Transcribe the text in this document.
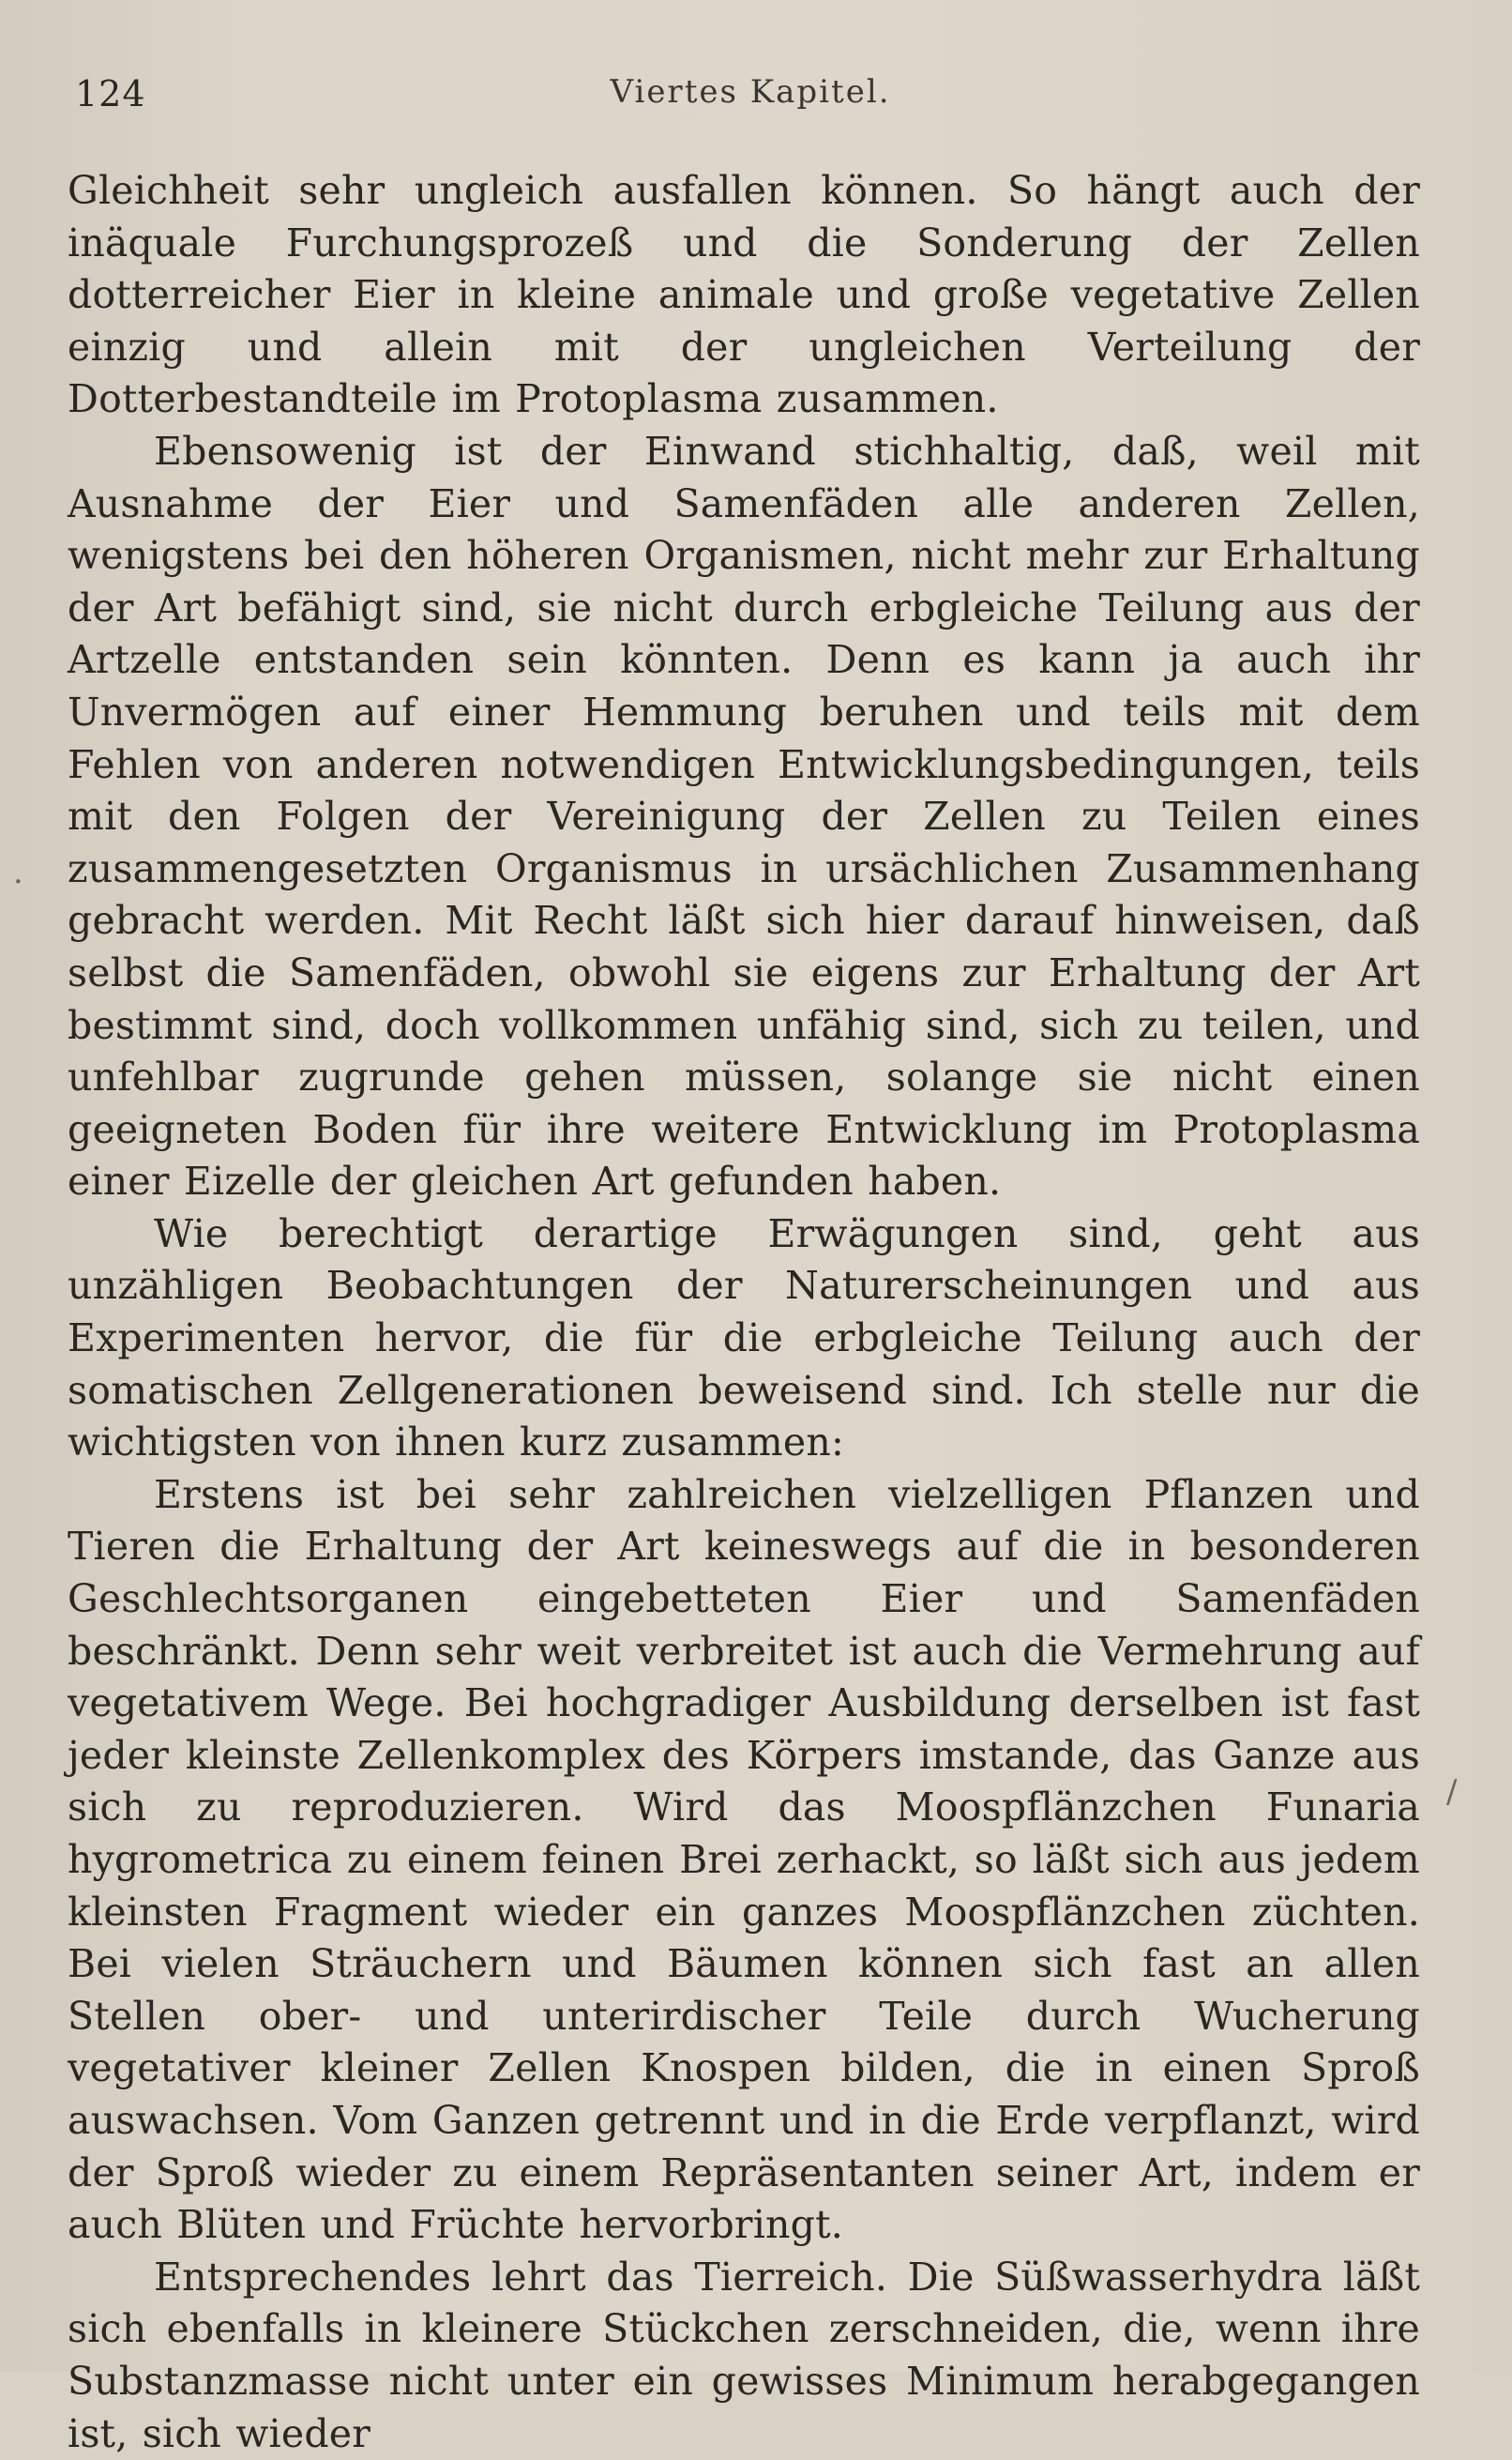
124	Viertes Kapitel.

Gleichheit sehr ungleich ausfallen können. So hängt auch der inäquale Furchungsprozeß und die Sonderung der Zellen dotterreicher Eier in kleine animale und große vegetative Zellen einzig und allein mit der ungleichen Verteilung der Dotterbestandteile im Protoplasma zusammen.

Ebensowenig ist der Einwand stichhaltig, daß, weil mit Ausnahme der Eier und Samenfäden alle anderen Zellen, wenigstens bei den höheren Organismen, nicht mehr zur Erhaltung der Art befähigt sind, sie nicht durch erbgleiche Teilung aus der Artzelle entstanden sein könnten. Denn es kann ja auch ihr Unvermögen auf einer Hemmung beruhen und teils mit dem Fehlen von anderen notwendigen Entwicklungsbedingungen, teils mit den Folgen der Vereinigung der Zellen zu Teilen eines zusammengesetzten Organismus in ursächlichen Zusammenhang gebracht werden. Mit Recht läßt sich hier darauf hinweisen, daß selbst die Samenfäden, obwohl sie eigens zur Erhaltung der Art bestimmt sind, doch vollkommen unfähig sind, sich zu teilen, und unfehlbar zugrunde gehen müssen, solange sie nicht einen geeigneten Boden für ihre weitere Entwicklung im Protoplasma einer Eizelle der gleichen Art gefunden haben.

Wie berechtigt derartige Erwägungen sind, geht aus unzähligen Beobachtungen der Naturerscheinungen und aus Experimenten hervor, die für die erbgleiche Teilung auch der somatischen Zellgenerationen beweisend sind. Ich stelle nur die wichtigsten von ihnen kurz zusammen:

Erstens ist bei sehr zahlreichen vielzelligen Pflanzen und Tieren die Erhaltung der Art keineswegs auf die in besonderen Geschlechtsorganen eingebetteten Eier und Samenfäden beschränkt. Denn sehr weit verbreitet ist auch die Vermehrung auf vegetativem Wege. Bei hochgradiger Ausbildung derselben ist fast jeder kleinste Zellenkomplex des Körpers imstande, das Ganze aus sich zu reproduzieren. Wird das Moospflänzchen Funaria hygrometrica zu einem feinen Brei zerhackt, so läßt sich aus jedem kleinsten Fragment wieder ein ganzes Moospflänzchen züchten. Bei vielen Sträuchern und Bäumen können sich fast an allen Stellen ober- und unterirdischer Teile durch Wucherung vegetativer kleiner Zellen Knospen bilden, die in einen Sproß auswachsen. Vom Ganzen getrennt und in die Erde verpflanzt, wird der Sproß wieder zu einem Repräsentanten seiner Art, indem er auch Blüten und Früchte hervorbringt.

Entsprechendes lehrt das Tierreich. Die Süßwasserhydra läßt sich ebenfalls in kleinere Stückchen zerschneiden, die, wenn ihre Substanzmasse nicht unter ein gewisses Minimum herabgegangen ist, sich wieder

·
/
